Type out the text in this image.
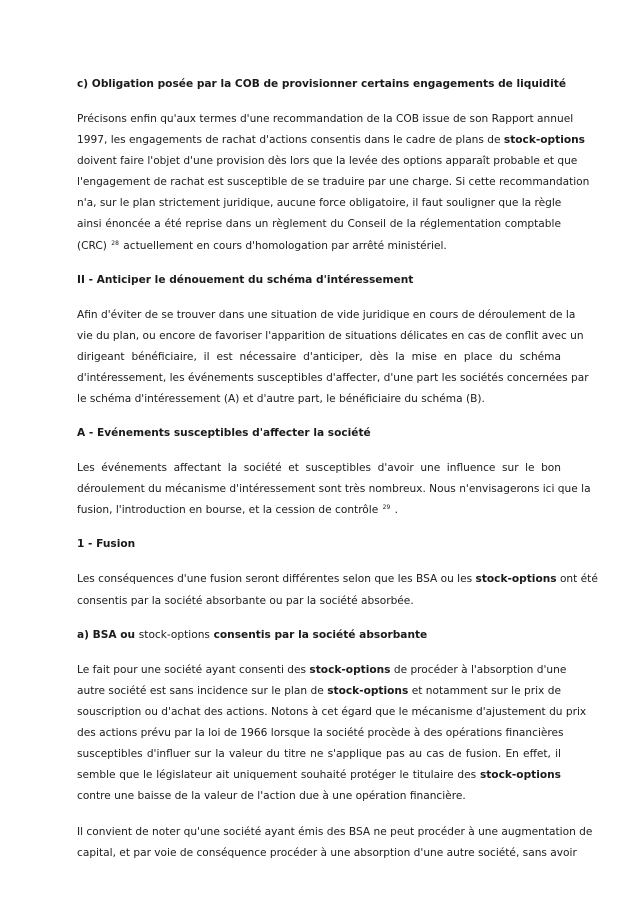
c) Obligation posée par la COB de provisionner certains engagements de liquidité
Précisons enfin qu'aux termes d'une recommandation de la COB issue de son Rapport annuel
1997, les engagements de rachat d'actions consentis dans le cadre de plans de stock-options
doivent faire l'objet d'une provision dès lors que la levée des options apparaît probable et que
l'engagement de rachat est susceptible de se traduire par une charge. Si cette recommandation
n'a, sur le plan strictement juridique, aucune force obligatoire, il faut souligner que la règle
ainsi énoncée a été reprise dans un règlement du Conseil de la réglementation comptable
(CRC) $^{28}$ actuellement en cours d'homologation par arrêté ministériel.
II - Anticiper le dénouement du schéma d'intéressement
Afin d'éviter de se trouver dans une situation de vide juridique en cours de déroulement de la
vie du plan, ou encore de favoriser l'apparition de situations délicates en cas de conflit avec un
dirigeant bénéficiaire, il est nécessaire d'anticiper, dès la mise en place du schéma
d'intéressement, les événements susceptibles d'affecter, d'une part les sociétés concernées par
le schéma d'intéressement (A) et d'autre part, le bénéficiaire du schéma (B).
A - Evénements susceptibles d'affecter la société
Les événements affectant la société et susceptibles d'avoir une influence sur le bon
déroulement du mécanisme d'intéressement sont très nombreux. Nous n'envisagerons ici que la
fusion, l'introduction en bourse, et la cession de contrôle $^{29}$ .
1 - Fusion
Les conséquences d'une fusion seront différentes selon que les BSA ou les stock-options ont été
consentis par la société absorbante ou par la société absorbée.
a) BSA ou stock-options consentis par la société absorbante
Le fait pour une société ayant consenti des stock-options de procéder à l'absorption d'une
autre société est sans incidence sur le plan de stock-options et notamment sur le prix de
souscription ou d'achat des actions. Notons à cet égard que le mécanisme d'ajustement du prix
des actions prévu par la loi de 1966 lorsque la société procède à des opérations financières
susceptibles d'influer sur la valeur du titre ne s'applique pas au cas de fusion. En effet, il
semble que le législateur ait uniquement souhaité protéger le titulaire des stock-options
contre une baisse de la valeur de l'action due à une opération financière.
Il convient de noter qu'une société ayant émis des BSA ne peut procéder à une augmentation de
capital, et par voie de conséquence procéder à une absorption d'une autre société, sans avoir
